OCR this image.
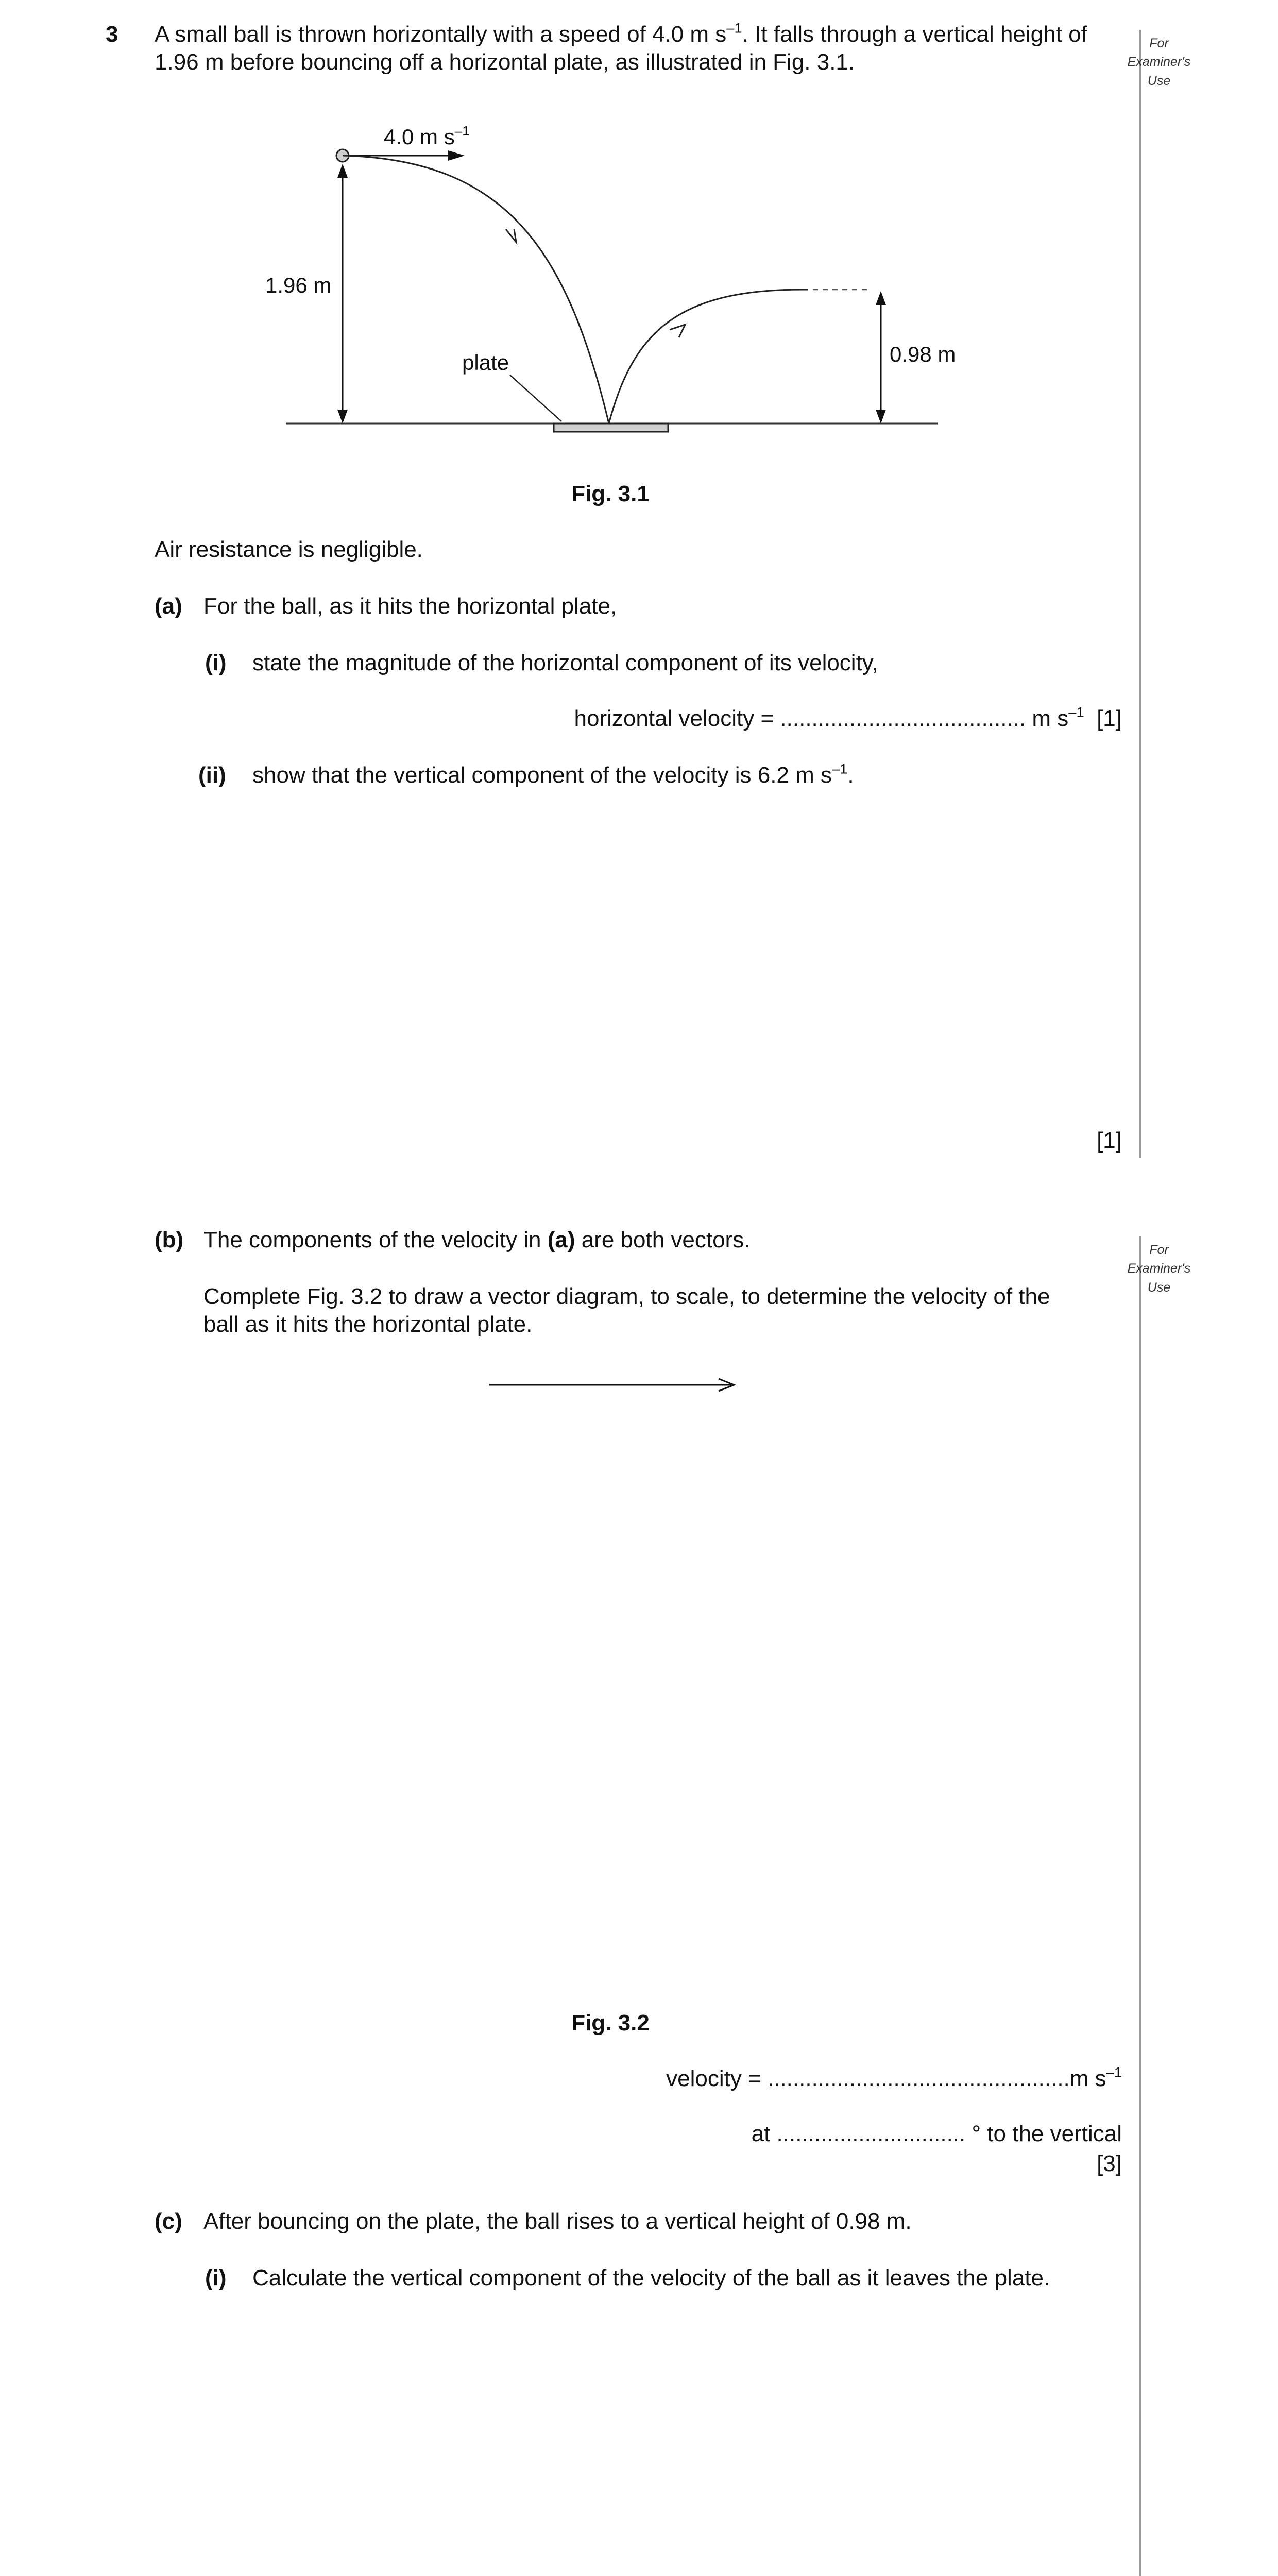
For
Examiner's
Use
For
Examiner's
Use
3 A small ball is thrown horizontally with a speed of 4.0 m $s^{-1}$. It falls through a vertical height of
1.96 m before bouncing off a horizontal plate, as illustrated in Fig. 3.1.
4.0 m $s^{-1}$
1.96 m
0.98 m
plate
Fig. 3.1
Air resistance is negligible.
(a) For the ball, as it hits the horizontal plate,
(i) state the magnitude of the horizontal component of its velocity,
horizontal velocity = ....................................... m $s^{-1}$ [1]
(ii) show that the vertical component of the velocity is 6.2 m $s^{-1}$.
[1]
(b) The components of the velocity in (a) are both vectors.
Complete Fig. 3.2 to draw a vector diagram, to scale, to determine the velocity of the
ball as it hits the horizontal plate.
Fig. 3.2
velocity = ................................................m $s^{-1}$
at .............................. ° to the vertical
[3]
(c) After bouncing on the plate, the ball rises to a vertical height of 0.98 m.
(i) Calculate the vertical component of the velocity of the ball as it leaves the plate.
